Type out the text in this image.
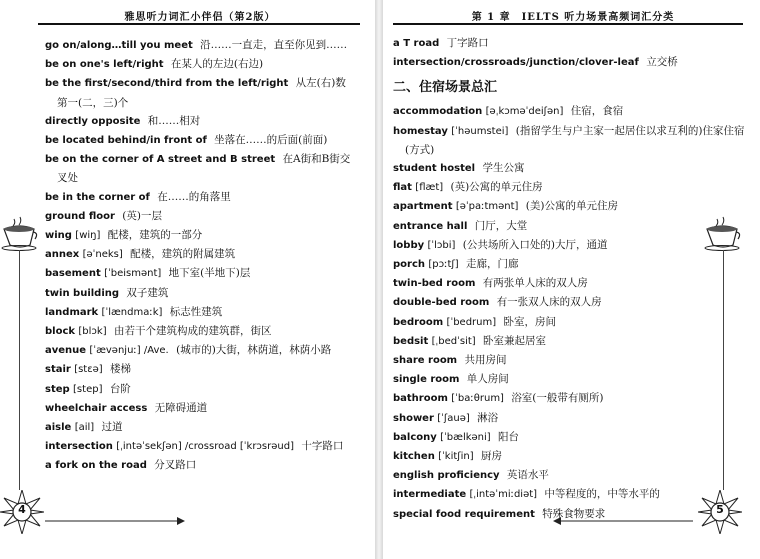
雅思听力词汇小伴侣（第2版）
go on/along…till you meet 沿……一直走，直至你见到……
be on one's left/right 在某人的左边(右边)
be the first/second/third from the left/right 从左(右)数第一(二，三)个
directly opposite 和……相对
be located behind/in front of 坐落在……的后面(前面)
be on the corner of A street and B street 在A街和B街交叉处
be in the corner of 在……的角落里
ground floor (英)一层
wing [wiŋ] 配楼，建筑的一部分
annex [əˈneks] 配楼，建筑的附属建筑
basement [ˈbeismənt] 地下室(半地下)层
twin building 双子建筑
landmark [ˈlændmaːk] 标志性建筑
block [blɔk] 由若干个建筑构成的建筑群，街区
avenue [ˈævənjuː] /Ave. (城市的)大街，林荫道，林荫小路
stair [stɛə] 楼梯
step [step] 台阶
wheelchair access 无障碍通道
aisle [ail] 过道
intersection [ˌintəˈsekʃən] /crossroad [ˈkrɔsrəud] 十字路口
a fork on the road 分叉路口
4
第 1 章　IELTS 听力场景高频词汇分类
a T road 丁字路口
intersection/crossroads/junction/clover-leaf 立交桥
二、住宿场景总汇
accommodation [əˌkɔməˈdeiʃən] 住宿，食宿
homestay [ˈhəumstei] (指留学生与户主家一起居住以求互利的)住家住宿(方式)
student hostel 学生公寓
flat [flæt] (英)公寓的单元住房
apartment [əˈpaːtmənt] (美)公寓的单元住房
entrance hall 门厅，大堂
lobby [ˈlɔbi] (公共场所入口处的)大厅，通道
porch [pɔːtʃ] 走廊，门廊
twin-bed room 有两张单人床的双人房
double-bed room 有一张双人床的双人房
bedroom [ˈbedrum] 卧室，房间
bedsit [ˌbedˈsit] 卧室兼起居室
share room 共用房间
single room 单人房间
bathroom [ˈbaːθrum] 浴室(一般带有厕所)
shower [ˈʃauə] 淋浴
balcony [ˈbælkəni] 阳台
kitchen [ˈkitʃin] 厨房
english proficiency 英语水平
intermediate [ˌintəˈmiːdiət] 中等程度的，中等水平的
special food requirement 特殊食物要求	5
